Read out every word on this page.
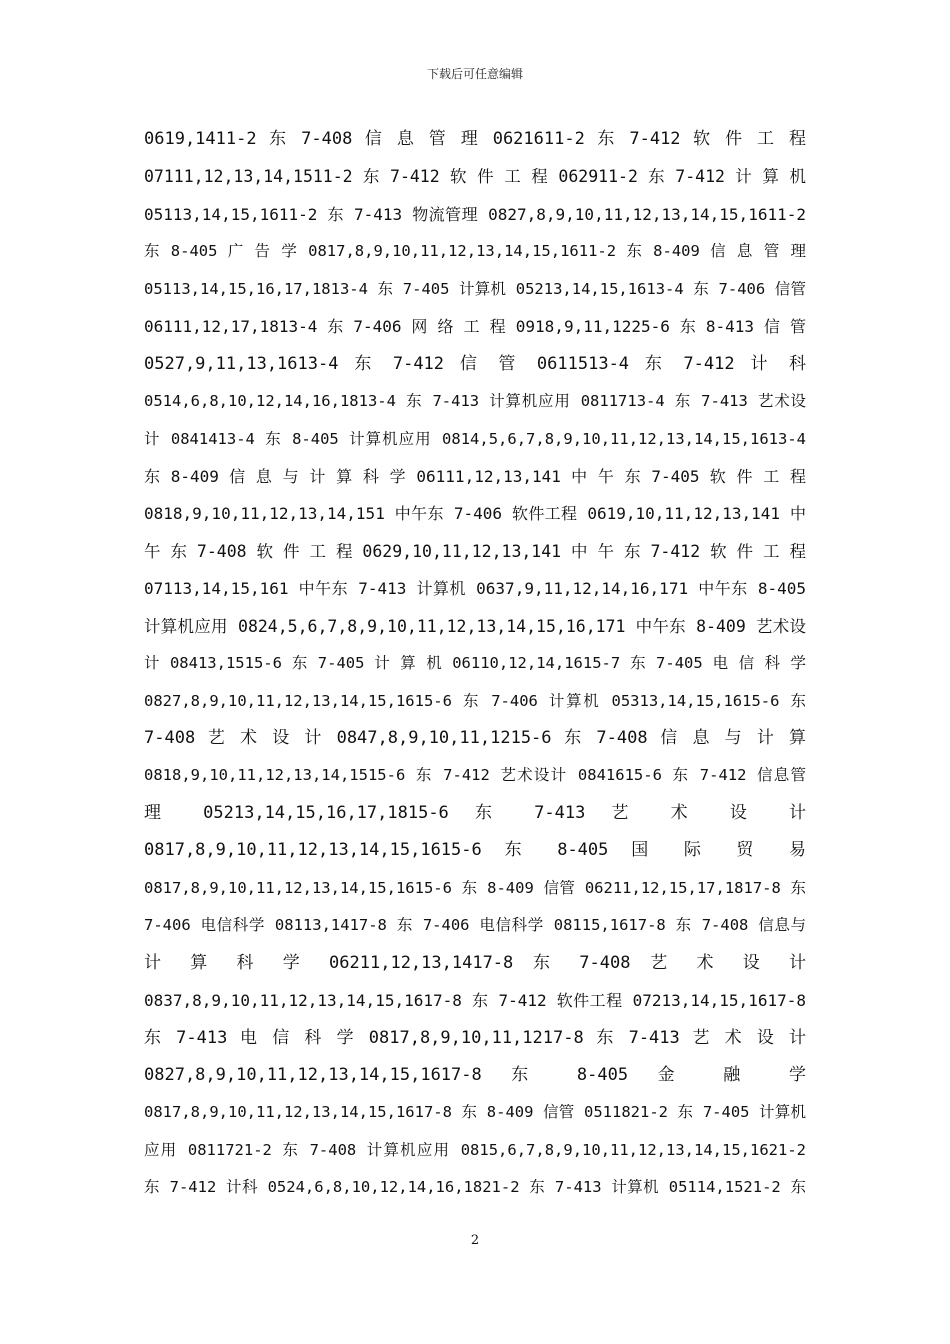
下载后可任意编辑
0619,1411-2 东 7-408 信 息 管 理 0621611-2 东 7-412 软 件 工 程
07111,12,13,14,1511-2 东 7-412 软 件 工 程 062911-2 东 7-412 计 算 机
05113,14,15,1611-2 东 7-413 物流管理 0827,8,9,10,11,12,13,14,15,1611-2
东 8-405 广 告 学 0817,8,9,10,11,12,13,14,15,1611-2 东 8-409 信 息 管 理
05113,14,15,16,17,1813-4 东 7-405 计算机 05213,14,15,1613-4 东 7-406 信管
06111,12,17,1813-4 东 7-406 网 络 工 程 0918,9,11,1225-6 东 8-413 信 管
0527,9,11,13,1613-4 东 7-412 信 管 0611513-4 东 7-412 计 科
0514,6,8,10,12,14,16,1813-4 东 7-413 计算机应用 0811713-4 东 7-413 艺术设
计 0841413-4 东 8-405 计算机应用 0814,5,6,7,8,9,10,11,12,13,14,15,1613-4
东 8-409 信 息 与 计 算 科 学 06111,12,13,141 中 午 东 7-405 软 件 工 程
0818,9,10,11,12,13,14,151 中午东 7-406 软件工程 0619,10,11,12,13,141 中
午 东 7-408 软 件 工 程 0629,10,11,12,13,141 中 午 东 7-412 软 件 工 程
07113,14,15,161 中午东 7-413 计算机 0637,9,11,12,14,16,171 中午东 8-405
计算机应用 0824,5,6,7,8,9,10,11,12,13,14,15,16,171 中午东 8-409 艺术设
计 08413,1515-6 东 7-405 计 算 机 06110,12,14,1615-7 东 7-405 电 信 科 学
0827,8,9,10,11,12,13,14,15,1615-6 东 7-406 计算机 05313,14,15,1615-6 东
7-408 艺 术 设 计 0847,8,9,10,11,1215-6 东 7-408 信 息 与 计 算
0818,9,10,11,12,13,14,1515-6 东 7-412 艺术设计 0841615-6 东 7-412 信息管
理 05213,14,15,16,17,1815-6 东 7-413 艺 术 设 计
0817,8,9,10,11,12,13,14,15,1615-6 东 8-405 国 际 贸 易
0817,8,9,10,11,12,13,14,15,1615-6 东 8-409 信管 06211,12,15,17,1817-8 东
7-406 电信科学 08113,1417-8 东 7-406 电信科学 08115,1617-8 东 7-408 信息与
计 算 科 学 06211,12,13,1417-8 东 7-408 艺 术 设 计
0837,8,9,10,11,12,13,14,15,1617-8 东 7-412 软件工程 07213,14,15,1617-8
东 7-413 电 信 科 学 0817,8,9,10,11,1217-8 东 7-413 艺 术 设 计
0827,8,9,10,11,12,13,14,15,1617-8 东 8-405 金 融 学
0817,8,9,10,11,12,13,14,15,1617-8 东 8-409 信管 0511821-2 东 7-405 计算机
应用 0811721-2 东 7-408 计算机应用 0815,6,7,8,9,10,11,12,13,14,15,1621-2
东 7-412 计科 0524,6,8,10,12,14,16,1821-2 东 7-413 计算机 05114,1521-2 东
2
